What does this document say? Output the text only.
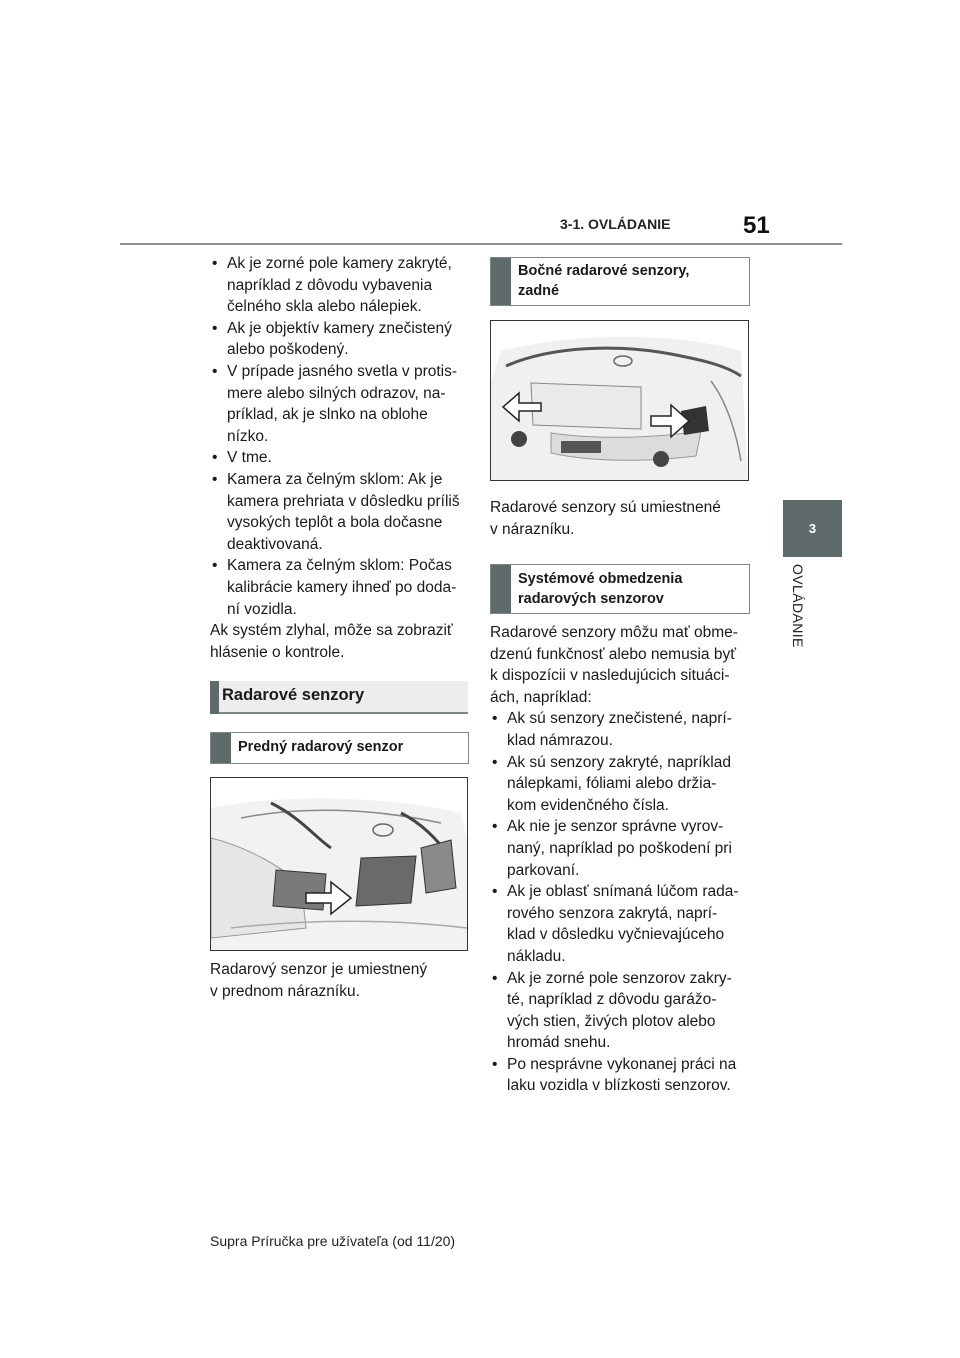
3-1. OVLÁDANIE	51
3
OVLÁDANIE
• Ak je zorné pole kamery zakryté,
napríklad z dôvodu vybavenia
čelného skla alebo nálepiek.
• Ak je objektív kamery znečistený
alebo poškodený.
• V prípade jasného svetla v protis-
mere alebo silných odrazov, na-
príklad, ak je slnko na oblohe
nízko.
• V tme.
• Kamera za čelným sklom: Ak je
kamera prehriata v dôsledku príliš
vysokých teplôt a bola dočasne
deaktivovaná.
• Kamera za čelným sklom: Počas
kalibrácie kamery ihneď po doda-
ní vozidla.

Ak systém zlyhal, môže sa zobraziť
hlásenie o kontrole.

Radarové senzory
Predný radarový senzor
Radarový senzor je umiestnený
v prednom nárazníku.
Bočné radarové senzory,
zadné

Radarové senzory sú umiestnené
v nárazníku.

Systémové obmedzenia
radarových senzorov

Radarové senzory môžu mať obme-
dzenú funkčnosť alebo nemusia byť
k dispozícii v nasledujúcich situáci-
ách, napríklad:

• Ak sú senzory znečistené, naprí-
klad námrazou.
• Ak sú senzory zakryté, napríklad
nálepkami, fóliami alebo držia-
kom evidenčného čísla.
• Ak nie je senzor správne vyrov-
naný, napríklad po poškodení pri
parkovaní.
• Ak je oblasť snímaná lúčom rada-
rového senzora zakrytá, naprí-
klad v dôsledku vyčnievajúceho
nákladu.
• Ak je zorné pole senzorov zakry-
té, napríklad z dôvodu garážo-
vých stien, živých plotov alebo
hromád snehu.
• Po nesprávne vykonanej práci na
laku vozidla v blízkosti senzorov.
Supra Príručka pre užívateľa (od 11/20)
